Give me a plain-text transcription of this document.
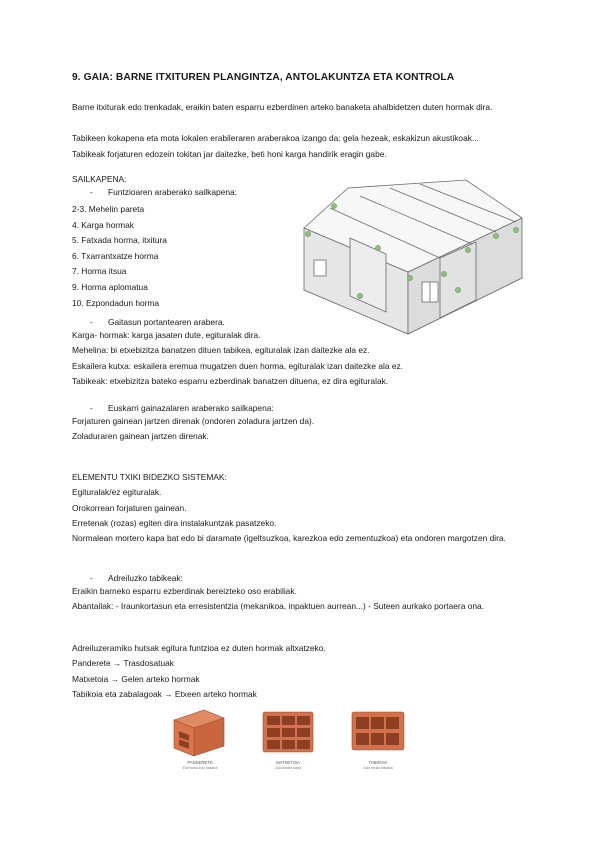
9. GAIA: BARNE ITXITUREN PLANGINTZA, ANTOLAKUNTZA ETA KONTROLA
Barne itxiturak edo trenkadak, eraikin baten esparru ezberdinen arteko banaketa ahalbidetzen duten hormak dira.
Tabikeen kokapena eta mota lokalen erabileraren araberakoa izango da: gela hezeak, eskakizun akustikoak...
Tabikeak forjaturen edozein tokitan jar daitezke, beti honi karga handirik eragin gabe.
SAILKAPENA:
- Funtzioaren araberako sailkapena:
2-3. Mehelin pareta
4. Karga hormak
5. Fatxada horma, itxitura
6. Txarrantxatze horma
7. Horma itsua
9. Horma aplomatua
10. Ezpondadun horma
- Gaitasun portantearen arabera.
Karga- hormak: karga jasaten dute, egituralak dira.
Mehelina: bi etxebizitza banatzen dituen tabikea, egituralak izan daitezke ala ez.
Eskailera kutxa: eskailera eremua mugatzen duen horma, egituralak izan daitezke ala ez.
Tabikeak: etxebizitza bateko esparru ezberdinak banatzen dituena, ez dira egituralak.
- Euskarri gainazalaren araberako sailkapena:
Forjaturen gainean jartzen direnak (ondoren zoladura jartzen da).
Zoladuraren gainean jartzen direnak.
ELEMENTU TXIKI BIDEZKO SISTEMAK:
Egituralak/ez egituralak.
Orokorrean forjaturen gainean.
Erretenak (rozas) egiten dira instalakuntzak pasatzeko.
Normalean mortero kapa bat edo bi daramate (igeltsuzkoa, karezkoa edo zementuzkoa) eta ondoren margotzen dira.
- Adreiluzko tabikeak:
Eraikin barneko esparru ezberdinak bereizteko oso erabiliak.
Abantailak: - Iraunkortasun eta erresistentzia (mekanikoa, inpaktuen aurrean...) - Suteen aurkako portaera ona.
Adreiluzeramiko hutsak egitura funtzioa ez duten hormak altxatzeko.
Panderete → Trasdosatuak
Matxetoia → Gelen arteko hormak
Tabikoia eta zabalagoak → Etxeen arteko hormak
PANDERETE	MATXETOIA	TABIKOIA
Erdi hutsa zulo bakarra	Zulo bikoitz luzea	Zulo hiruko bikoitza
